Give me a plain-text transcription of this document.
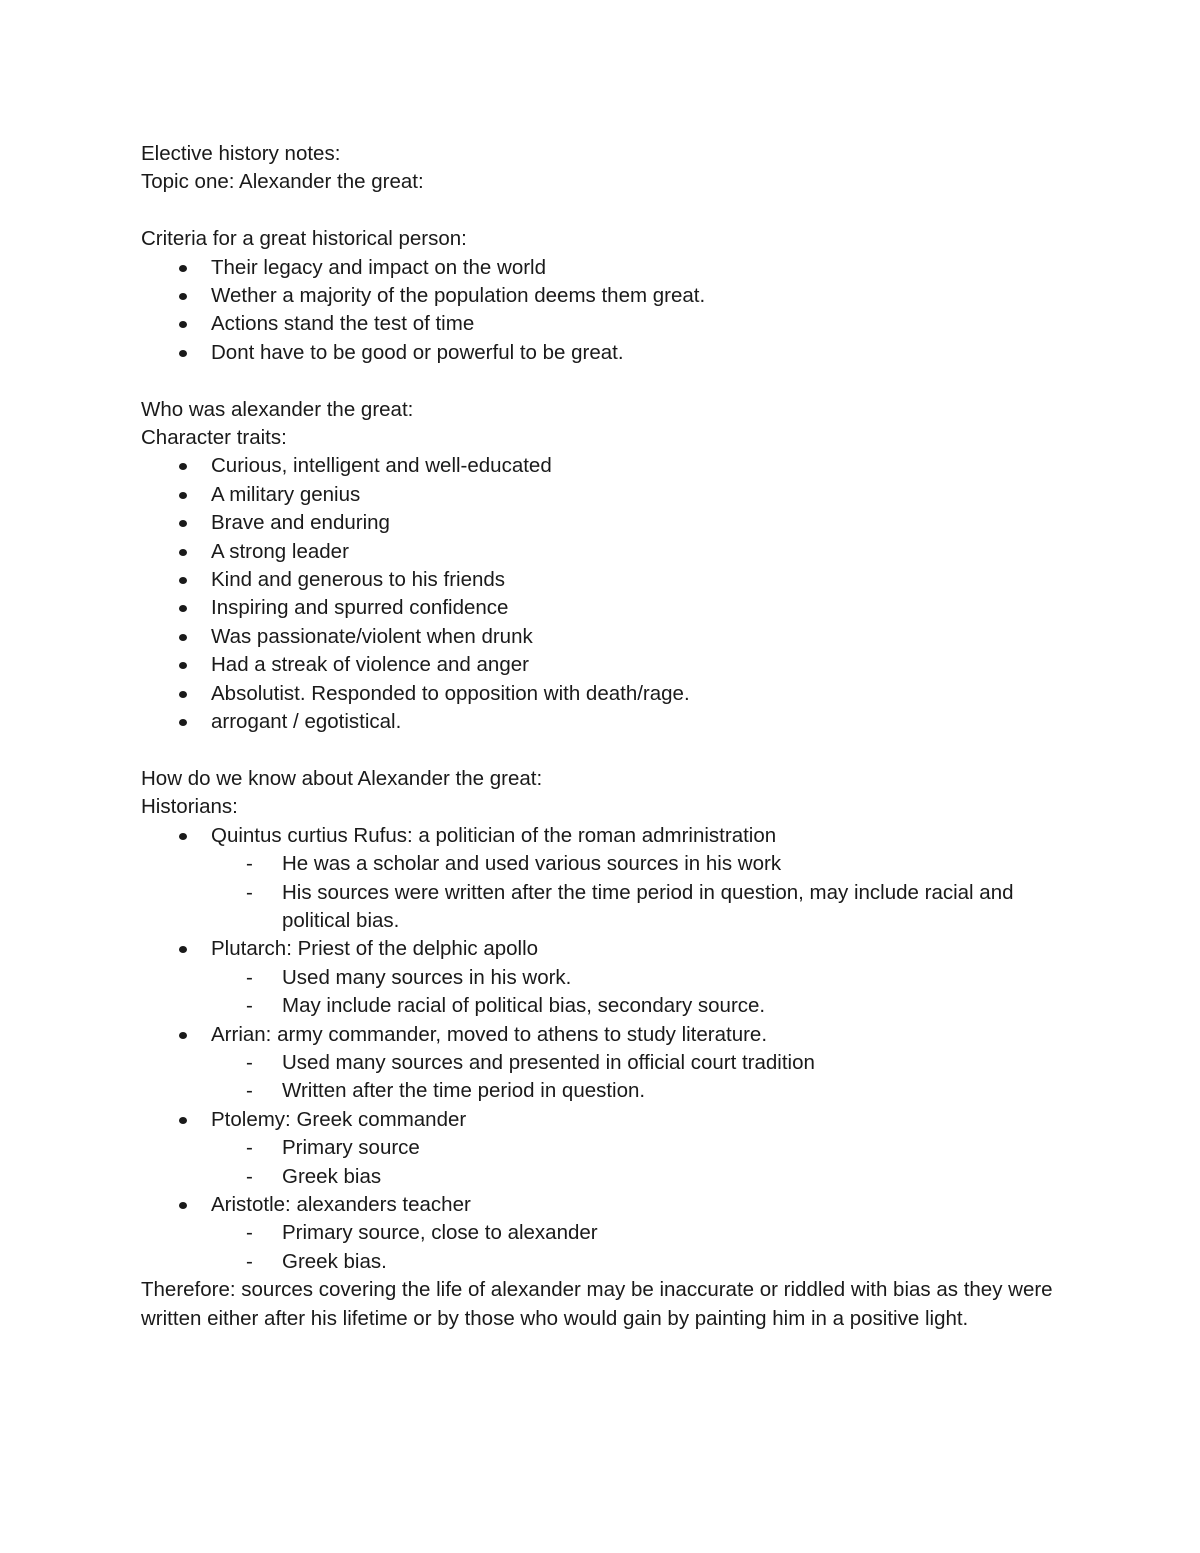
Elective history notes:
Topic one: Alexander the great:
Criteria for a great historical person:
Their legacy and impact on the world
Wether a majority of the population deems them great.
Actions stand the test of time
Dont have to be good or powerful to be great.
Who was alexander the great:
Character traits:
Curious, intelligent and well-educated
A military genius
Brave and enduring
A strong leader
Kind and generous to his friends
Inspiring and spurred confidence
Was passionate/violent when drunk
Had a streak of violence and anger
Absolutist. Responded to opposition with death/rage.
arrogant / egotistical.
How do we know about Alexander the great:
Historians:
Quintus curtius Rufus: a politician of the roman admrinistration
- He was a scholar and used various sources in his work
- His sources were written after the time period in question, may include racial and political bias.
Plutarch: Priest of the delphic apollo
- Used many sources in his work.
- May include racial of political bias, secondary source.
Arrian: army commander, moved to athens to study literature.
- Used many sources and presented in official court tradition
- Written after the time period in question.
Ptolemy: Greek commander
- Primary source
- Greek bias
Aristotle: alexanders teacher
- Primary source, close to alexander
- Greek bias.
Therefore: sources covering the life of alexander may be inaccurate or riddled with bias as they were written either after his lifetime or by those who would gain by painting him in a positive light.
